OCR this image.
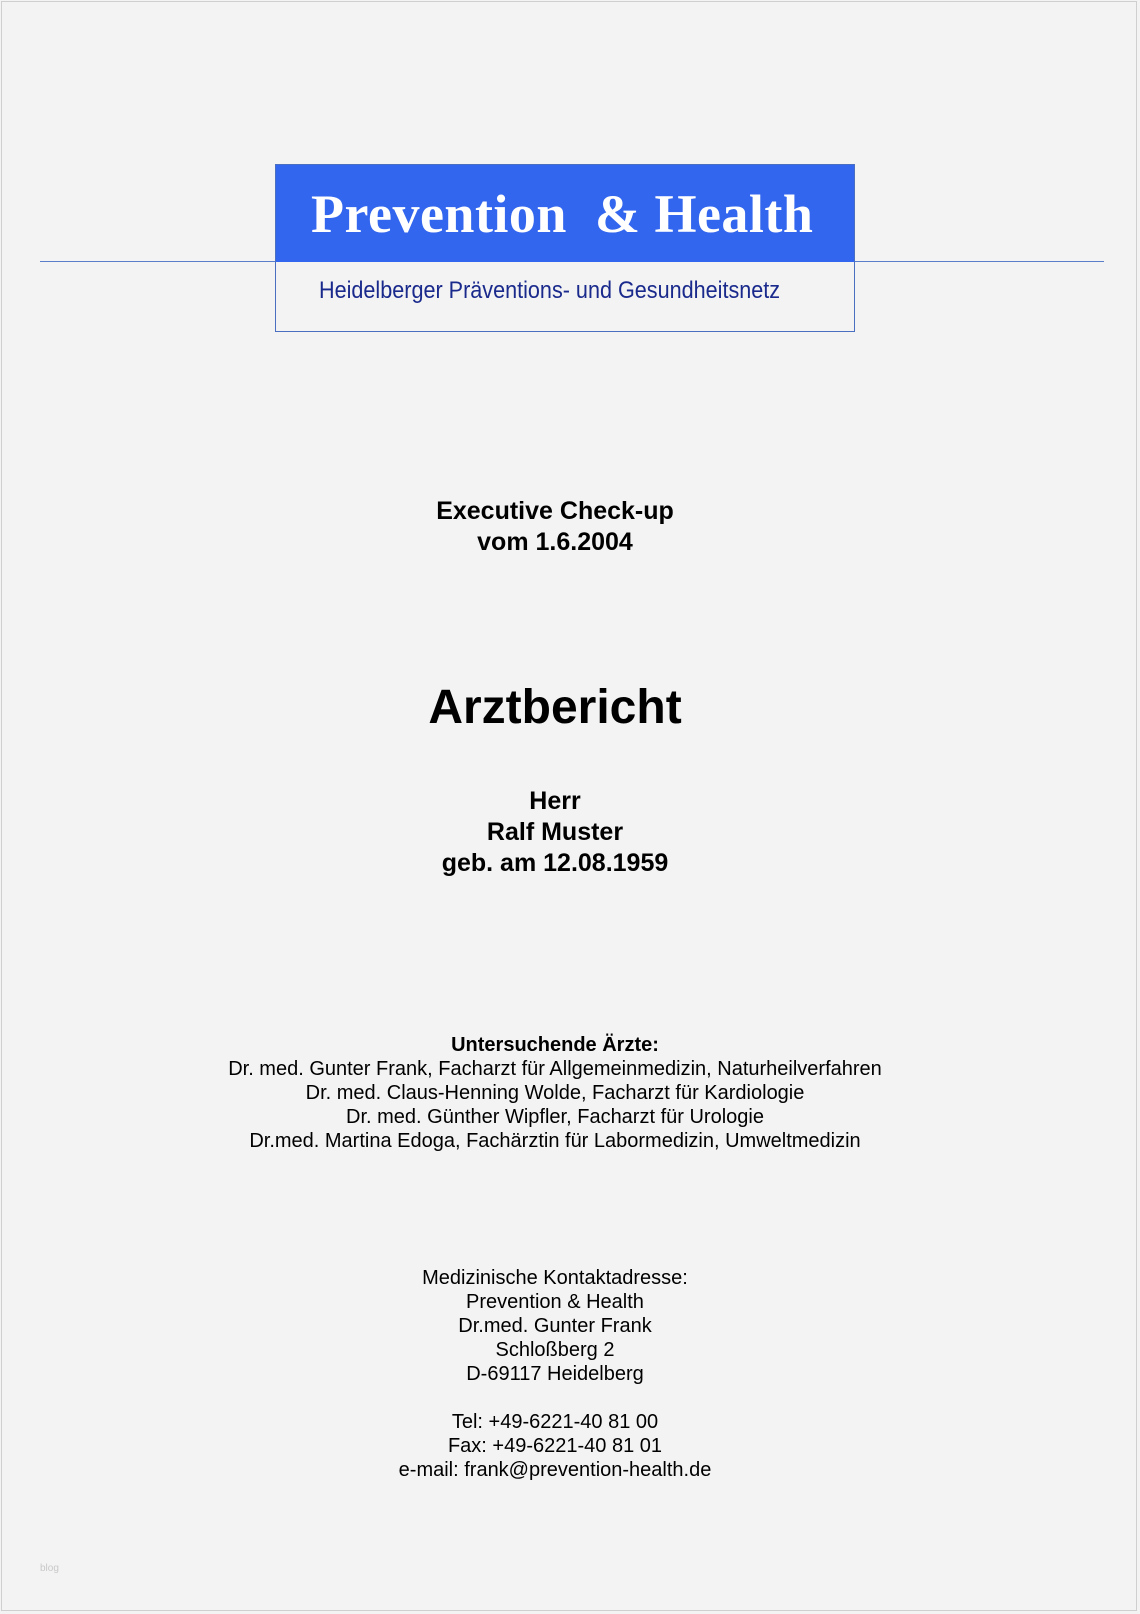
Prevention  & Health
Heidelberger Präventions- und Gesundheitsnetz
Executive Check-up
vom 1.6.2004
Arztbericht
Herr
Ralf Muster
geb. am 12.08.1959
Untersuchende Ärzte:
Dr. med. Gunter Frank, Facharzt für Allgemeinmedizin, Naturheilverfahren
Dr. med. Claus-Henning Wolde, Facharzt für Kardiologie
Dr. med. Günther Wipfler, Facharzt für Urologie
Dr.med. Martina Edoga, Fachärztin für Labormedizin, Umweltmedizin
Medizinische Kontaktadresse:
Prevention & Health
Dr.med. Gunter Frank
Schloßberg 2
D-69117 Heidelberg
Tel: +49-6221-40 81 00
Fax: +49-6221-40 81 01
e-mail: frank@prevention-health.de
blog
